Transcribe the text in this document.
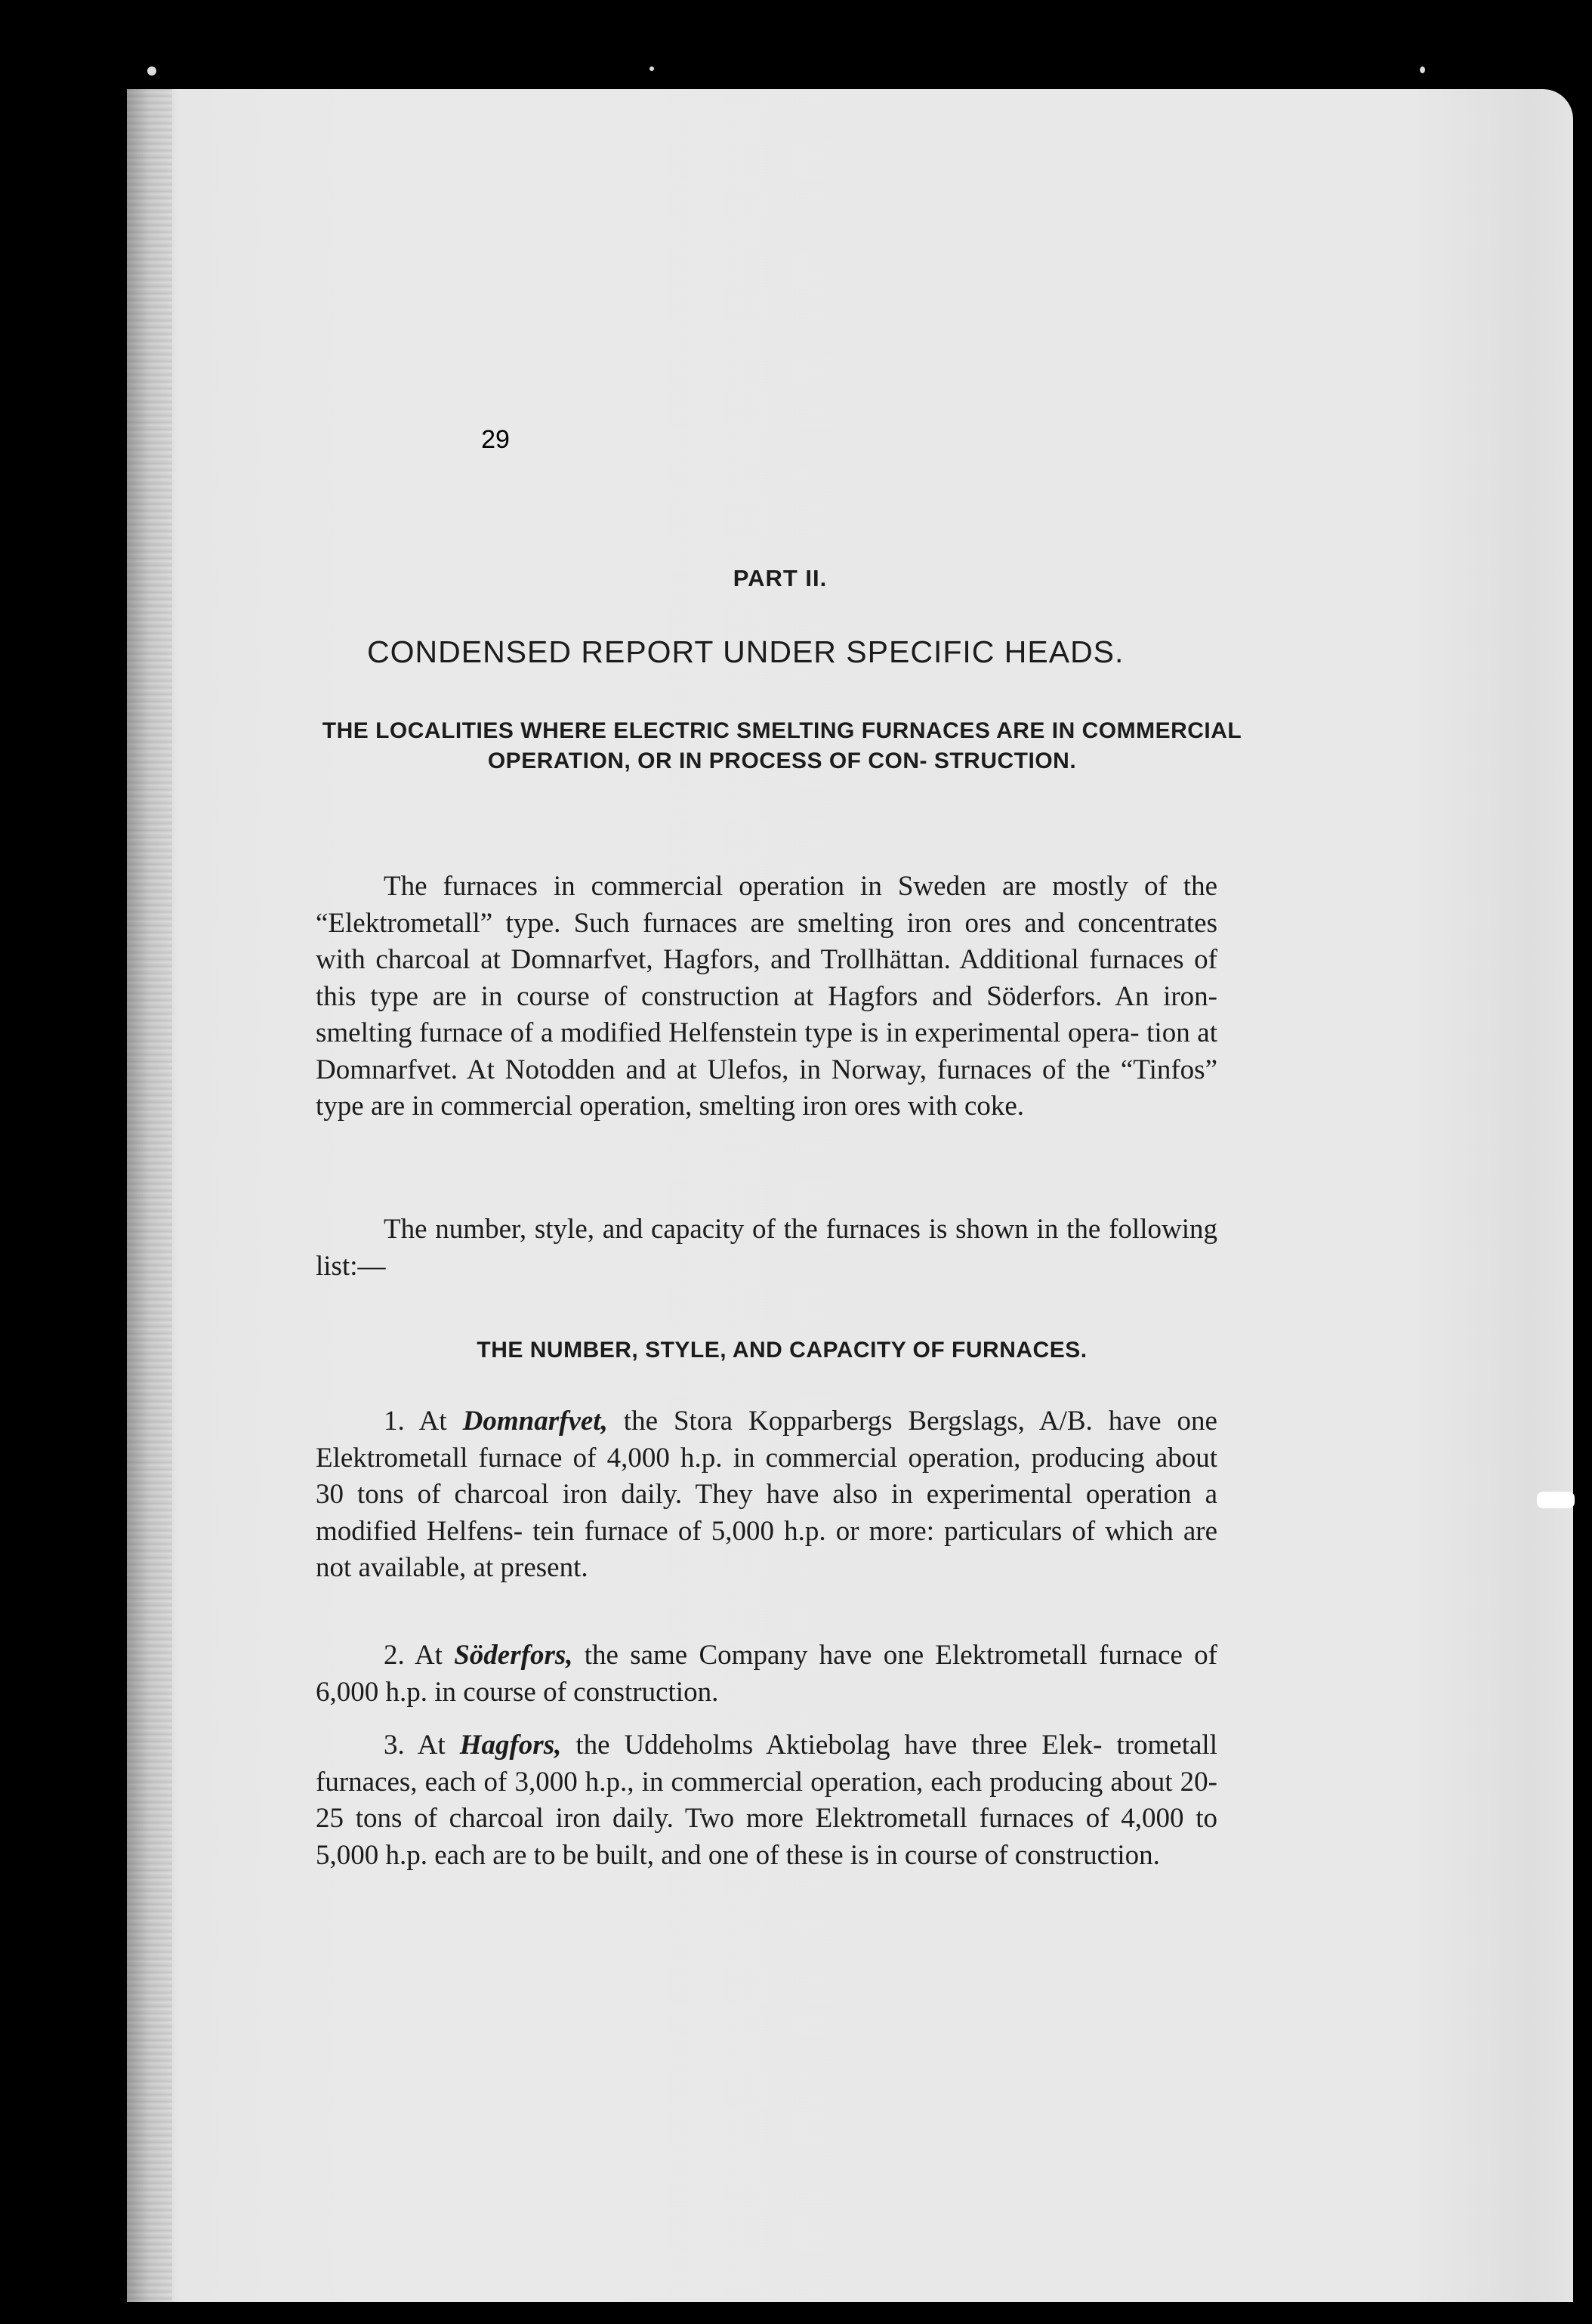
29
PART II.
CONDENSED REPORT UNDER SPECIFIC HEADS.
THE LOCALITIES WHERE ELECTRIC SMELTING FURNACES ARE IN COMMERCIAL OPERATION, OR IN PROCESS OF CON- STRUCTION.
The furnaces in commercial operation in Sweden are mostly of the “Elektrometall” type. Such furnaces are smelting iron ores and concentrates with charcoal at Domnarfvet, Hagfors, and Trollhättan. Additional furnaces of this type are in course of construction at Hagfors and Söderfors. An iron-smelting furnace of a modified Helfenstein type is in experimental opera- tion at Domnarfvet. At Notodden and at Ulefos, in Norway, furnaces of the “Tinfos” type are in commercial operation, smelting iron ores with coke.
The number, style, and capacity of the furnaces is shown in the following list:—
THE NUMBER, STYLE, AND CAPACITY OF FURNACES.
1. At Domnarfvet, the Stora Kopparbergs Bergslags, A/B. have one Elektrometall furnace of 4,000 h.p. in commercial operation, producing about 30 tons of charcoal iron daily. They have also in experimental operation a modified Helfens- tein furnace of 5,000 h.p. or more: particulars of which are not available, at present.
2. At Söderfors, the same Company have one Elektrometall furnace of 6,000 h.p. in course of construction.
3. At Hagfors, the Uddeholms Aktiebolag have three Elek- trometall furnaces, each of 3,000 h.p., in commercial operation, each producing about 20-25 tons of charcoal iron daily. Two more Elektrometall furnaces of 4,000 to 5,000 h.p. each are to be built, and one of these is in course of construction.
